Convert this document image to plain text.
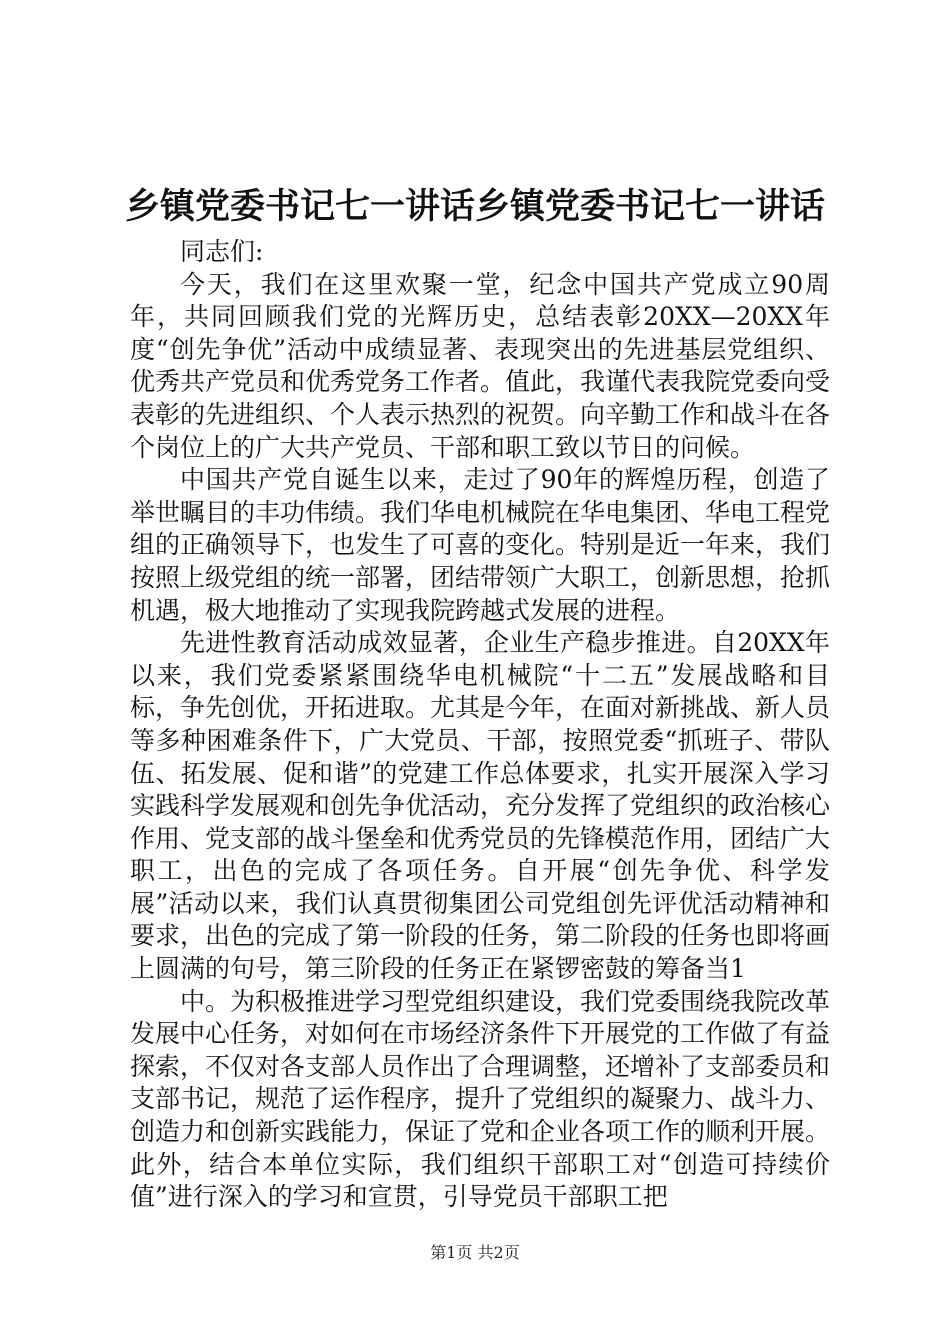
乡镇党委书记七一讲话乡镇党委书记七一讲话

同志们:

今天，我们在这里欢聚一堂，纪念中国共产党成立90周年，共同回顾我们党的光辉历史，总结表彰20XX—20XX年度“创先争优”活动中成绩显著、表现突出的先进基层党组织、优秀共产党员和优秀党务工作者。值此，我谨代表我院党委向受表彰的先进组织、个人表示热烈的祝贺。向辛勤工作和战斗在各个岗位上的广大共产党员、干部和职工致以节日的问候。

中国共产党自诞生以来，走过了90年的辉煌历程，创造了举世瞩目的丰功伟绩。我们华电机械院在华电集团、华电工程党组的正确领导下，也发生了可喜的变化。特别是近一年来，我们按照上级党组的统一部署，团结带领广大职工，创新思想，抢抓机遇，极大地推动了实现我院跨越式发展的进程。

先进性教育活动成效显著，企业生产稳步推进。自20XX年以来，我们党委紧紧围绕华电机械院“十二五”发展战略和目标，争先创优，开拓进取。尤其是今年，在面对新挑战、新人员等多种困难条件下，广大党员、干部，按照党委“抓班子、带队伍、拓发展、促和谐”的党建工作总体要求，扎实开展深入学习实践科学发展观和创先争优活动，充分发挥了党组织的政治核心作用、党支部的战斗堡垒和优秀党员的先锋模范作用，团结广大职工，出色的完成了各项任务。自开展“创先争优、科学发展”活动以来，我们认真贯彻集团公司党组创先评优活动精神和要求，出色的完成了第一阶段的任务，第二阶段的任务也即将画上圆满的句号，第三阶段的任务正在紧锣密鼓的筹备当1

中。为积极推进学习型党组织建设，我们党委围绕我院改革发展中心任务，对如何在市场经济条件下开展党的工作做了有益探索，不仅对各支部人员作出了合理调整，还增补了支部委员和支部书记，规范了运作程序，提升了党组织的凝聚力、战斗力、创造力和创新实践能力，保证了党和企业各项工作的顺利开展。此外，结合本单位实际，我们组织干部职工对“创造可持续价值”进行深入的学习和宣贯，引导党员干部职工把

第1页 共2页
